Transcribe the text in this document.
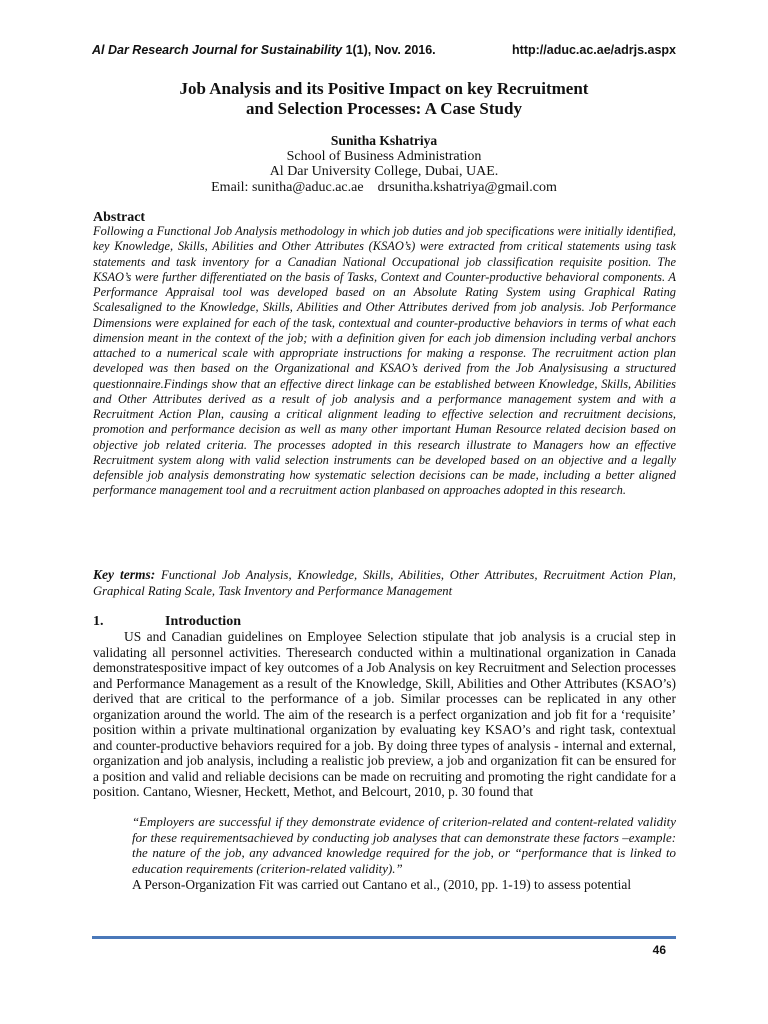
Al Dar Research Journal for Sustainability 1(1), Nov. 2016.	http://aduc.ac.ae/adrjs.aspx
Job Analysis and its Positive Impact on key Recruitment
and Selection Processes: A Case Study
Sunitha Kshatriya
School of Business Administration
Al Dar University College, Dubai, UAE.
Email: sunitha@aduc.ac.ae    drsunitha.kshatriya@gmail.com
Abstract

Following a Functional Job Analysis methodology in which job duties and job specifications were initially identified, key Knowledge, Skills, Abilities and Other Attributes (KSAO’s) were extracted from critical statements using task statements and task inventory for a Canadian National Occupational job classification requisite position. The KSAO’s were further differentiated on the basis of Tasks, Context and Counter-productive behavioral components. A Performance Appraisal tool was developed based on an Absolute Rating System using Graphical Rating Scalesaligned to the Knowledge, Skills, Abilities and Other Attributes derived from job analysis. Job Performance Dimensions were explained for each of the task, contextual and counter-productive behaviors in terms of what each dimension meant in the context of the job; with a definition given for each job dimension including verbal anchors attached to a numerical scale with appropriate instructions for making a response. The recruitment action plan developed was then based on the Organizational and KSAO’s derived from the Job Analysisusing a structured questionnaire.Findings show that an effective direct linkage can be established between Knowledge, Skills, Abilities and Other Attributes derived as a result of job analysis and a performance management system and with a Recruitment Action Plan, causing a critical alignment leading to effective selection and recruitment decisions, promotion and performance decision as well as many other important Human Resource related decision based on objective job related criteria. The processes adopted in this research illustrate to Managers how an effective Recruitment system along with valid selection instruments can be developed based on an objective and a legally defensible job analysis demonstrating how systematic selection decisions can be made, including a better aligned performance management tool and a recruitment action planbased on approaches adopted in this research.

Key terms: Functional Job Analysis, Knowledge, Skills, Abilities, Other Attributes, Recruitment Action Plan, Graphical Rating Scale, Task Inventory and Performance Management

1.	Introduction

US and Canadian guidelines on Employee Selection stipulate that job analysis is a crucial step in validating all personnel activities. Theresearch conducted within a multinational organization in Canada demonstratespositive impact of key outcomes of a Job Analysis on key Recruitment and Selection processes and Performance Management as a result of the Knowledge, Skill, Abilities and Other Attributes (KSAO’s) derived that are critical to the performance of a job. Similar processes can be replicated in any other organization around the world. The aim of the research is a perfect organization and job fit for a ‘requisite’ position within a private multinational organization by evaluating key KSAO’s and right task, contextual and counter-productive behaviors required for a job. By doing three types of analysis - internal and external, organization and job analysis, including a realistic job preview, a job and organization fit can be ensured for a position and valid and reliable decisions can be made on recruiting and promoting the right candidate for a position. Cantano, Wiesner, Heckett, Methot, and Belcourt, 2010, p. 30 found that

“Employers are successful if they demonstrate evidence of criterion-related and content-related validity for these requirementsachieved by conducting job analyses that can demonstrate these factors –example: the nature of the job, any advanced knowledge required for the job, or “performance that is linked to education requirements (criterion-related validity).”

A Person-Organization Fit was carried out Cantano et al., (2010, pp. 1-19) to assess potential

46
